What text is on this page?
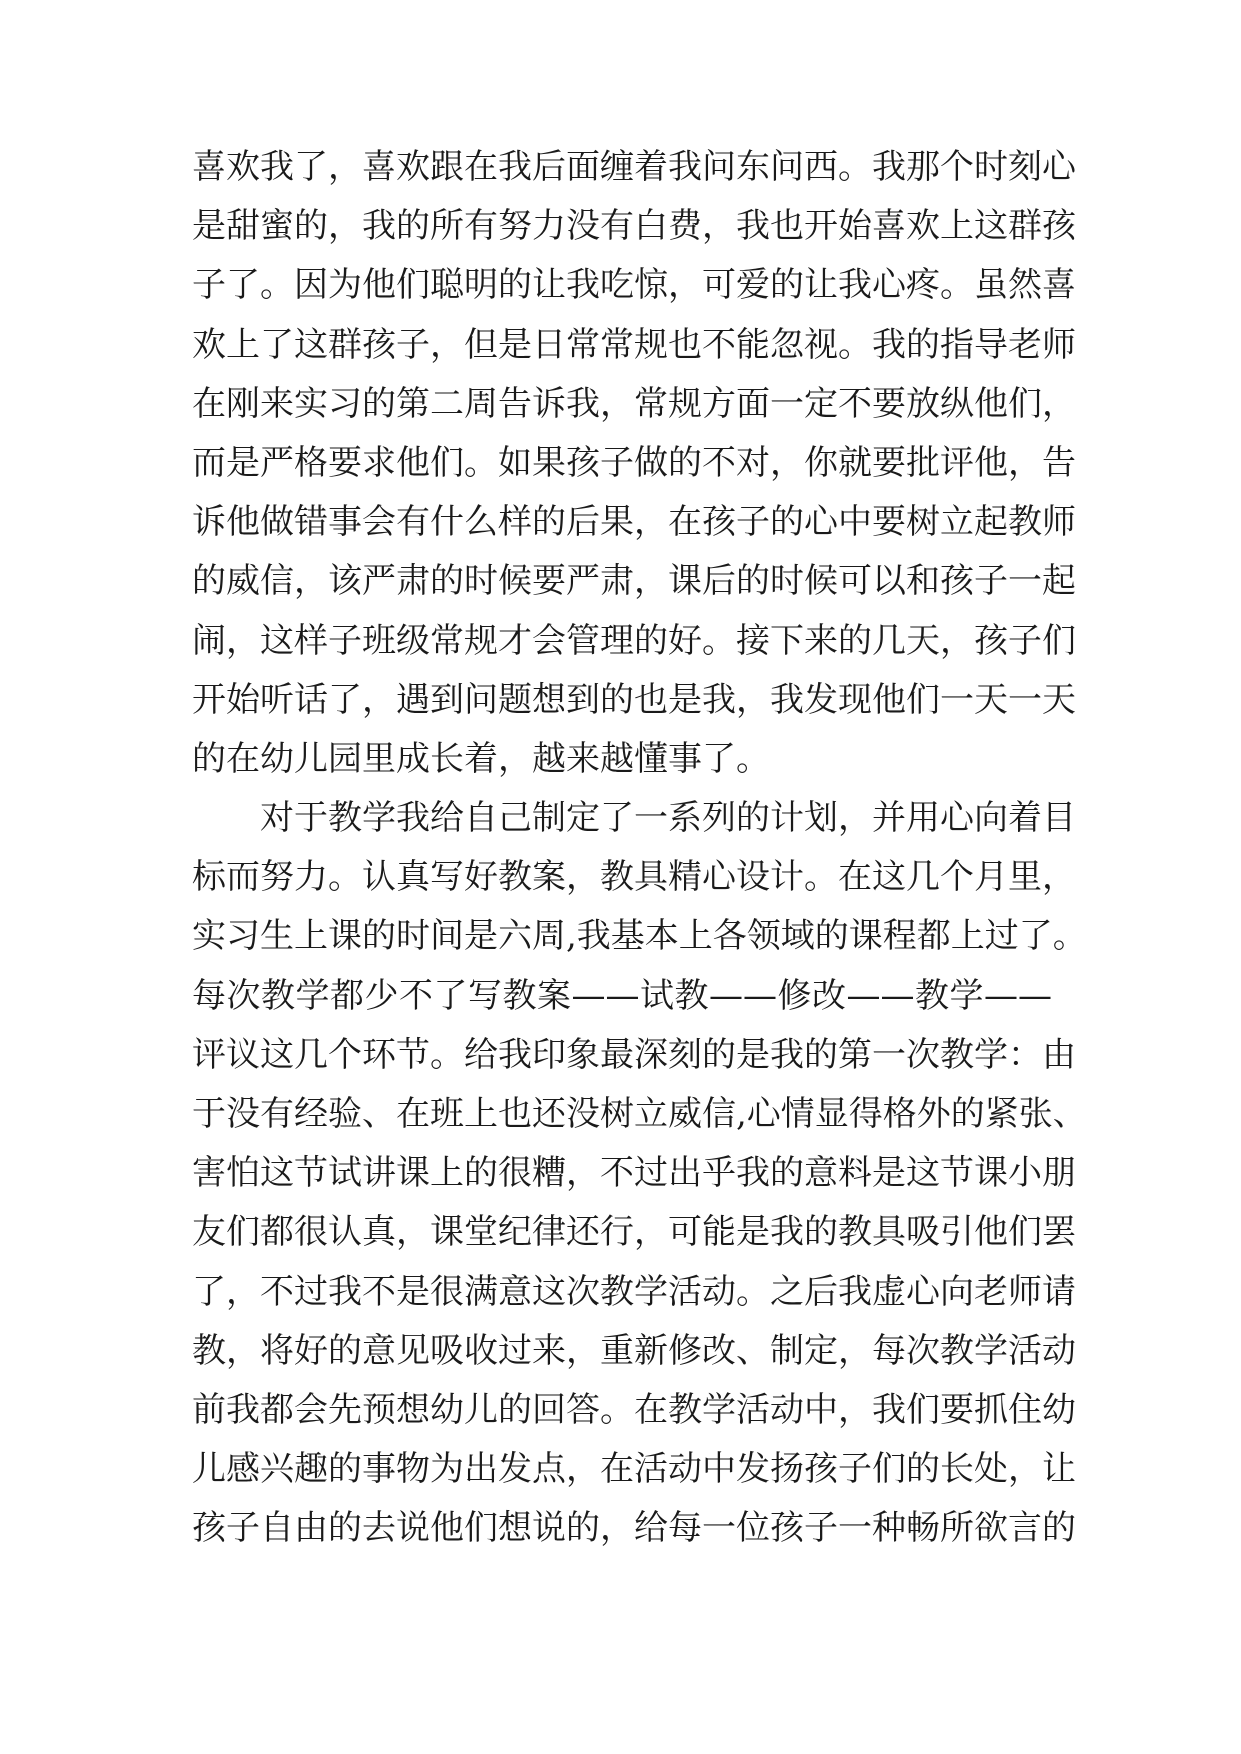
喜欢我了，喜欢跟在我后面缠着我问东问西。我那个时刻心
是甜蜜的，我的所有努力没有白费，我也开始喜欢上这群孩
子了。因为他们聪明的让我吃惊，可爱的让我心疼。虽然喜
欢上了这群孩子，但是日常常规也不能忽视。我的指导老师
在刚来实习的第二周告诉我，常规方面一定不要放纵他们，
而是严格要求他们。如果孩子做的不对，你就要批评他，告
诉他做错事会有什么样的后果，在孩子的心中要树立起教师
的威信，该严肃的时候要严肃，课后的时候可以和孩子一起
闹，这样子班级常规才会管理的好。接下来的几天，孩子们
开始听话了，遇到问题想到的也是我，我发现他们一天一天
的在幼儿园里成长着，越来越懂事了。
对于教学我给自己制定了一系列的计划，并用心向着目
标而努力。认真写好教案，教具精心设计。在这几个月里，
实习生上课的时间是六周,我基本上各领域的课程都上过了。
每次教学都少不了写教案——试教——修改——教学——
评议这几个环节。给我印象最深刻的是我的第一次教学：由
于没有经验、在班上也还没树立威信,心情显得格外的紧张、
害怕这节试讲课上的很糟，不过出乎我的意料是这节课小朋
友们都很认真，课堂纪律还行，可能是我的教具吸引他们罢
了，不过我不是很满意这次教学活动。之后我虚心向老师请
教，将好的意见吸收过来，重新修改、制定，每次教学活动
前我都会先预想幼儿的回答。在教学活动中，我们要抓住幼
儿感兴趣的事物为出发点，在活动中发扬孩子们的长处，让
孩子自由的去说他们想说的，给每一位孩子一种畅所欲言的
